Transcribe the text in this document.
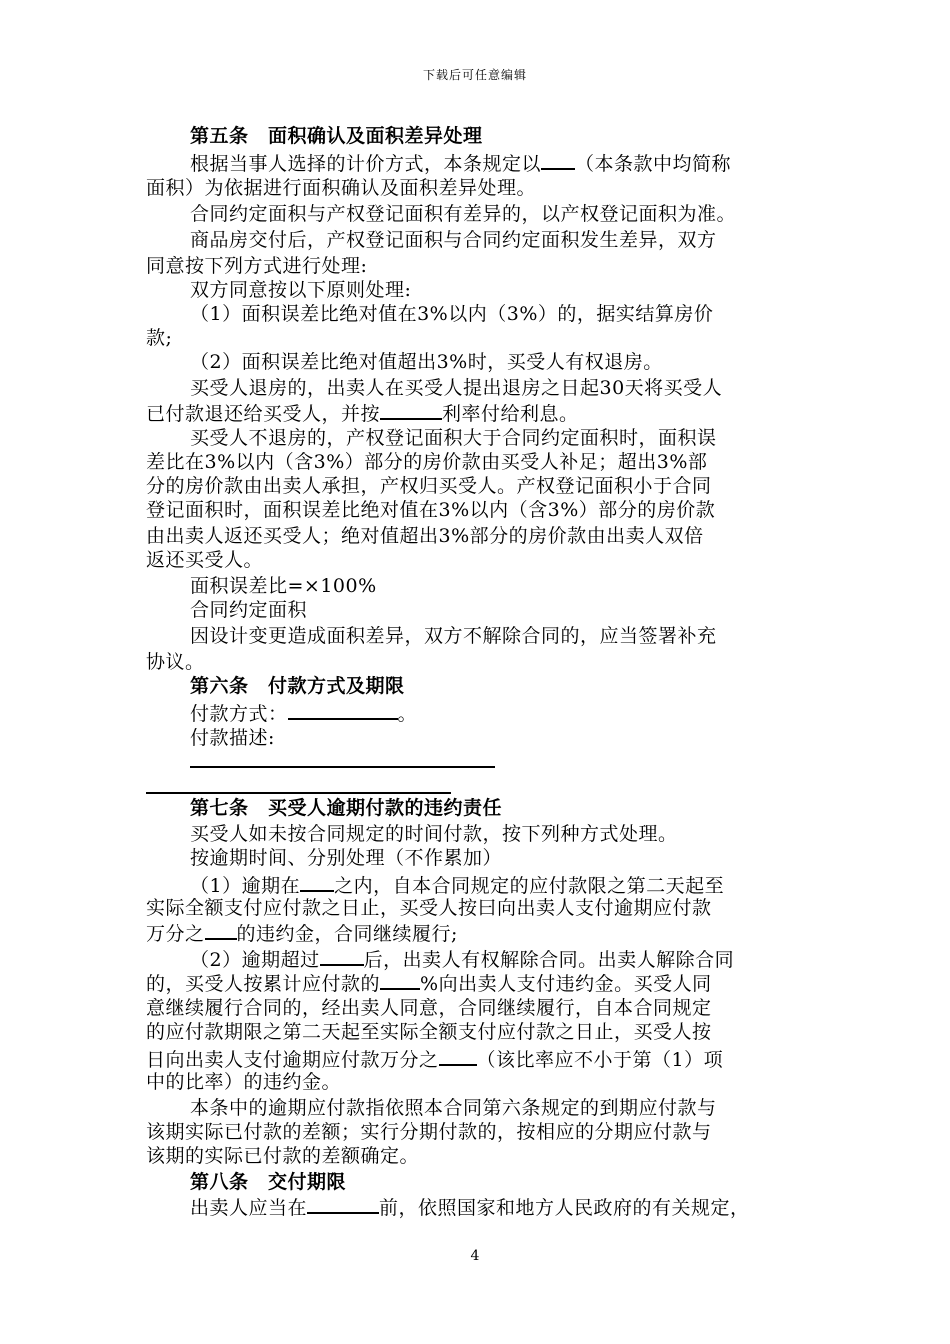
下载后可任意编辑
第五条　面积确认及面积差异处理
根据当事人选择的计价方式，本条规定以 （本条款中均简称
面积）为依据进行面积确认及面积差异处理。
合同约定面积与产权登记面积有差异的，以产权登记面积为准。
商品房交付后，产权登记面积与合同约定面积发生差异，双方
同意按下列方式进行处理:
双方同意按以下原则处理:
（1）面积误差比绝对值在3%以内（3%）的，据实结算房价
款;
（2）面积误差比绝对值超出3%时，买受人有权退房。
买受人退房的，出卖人在买受人提出退房之日起30天将买受人
已付款退还给买受人，并按	利率付给利息。
买受人不退房的，产权登记面积大于合同约定面积时，面积误
差比在3%以内（含3%）部分的房价款由买受人补足；超出3%部
分的房价款由出卖人承担，产权归买受人。产权登记面积小于合同
登记面积时，面积误差比绝对值在3%以内（含3%）部分的房价款
由出卖人返还买受人；绝对值超出3%部分的房价款由出卖人双倍
返还买受人。
面积误差比=×100%
合同约定面积
因设计变更造成面积差异，双方不解除合同的，应当签署补充
协议。
第六条　付款方式及期限
付款方式：	。
付款描述:
第七条　买受人逾期付款的违约责任
买受人如未按合同规定的时间付款，按下列种方式处理。
按逾期时间、分别处理（不作累加）
（1）逾期在 之内，自本合同规定的应付款限之第二天起至
实际全额支付应付款之日止，买受人按曰向出卖人支付逾期应付款
万分之 的违约金，合同继续履行;
（2）逾期超过 后，出卖人有权解除合同。出卖人解除合同
的，买受人按累计应付款的 %向出卖人支付违约金。买受人同
意继续履行合同的，经出卖人同意，合同继续履行，自本合同规定
的应付款期限之第二天起至实际全额支付应付款之日止，买受人按
日向出卖人支付逾期应付款万分之 （该比率应不小于第（1）项
中的比率）的违约金。
本条中的逾期应付款指依照本合同第六条规定的到期应付款与
该期实际已付款的差额；实行分期付款的，按相应的分期应付款与
该期的实际已付款的差额确定。
第八条　交付期限
出卖人应当在	前，依照国家和地方人民政府的有关规定，
4
